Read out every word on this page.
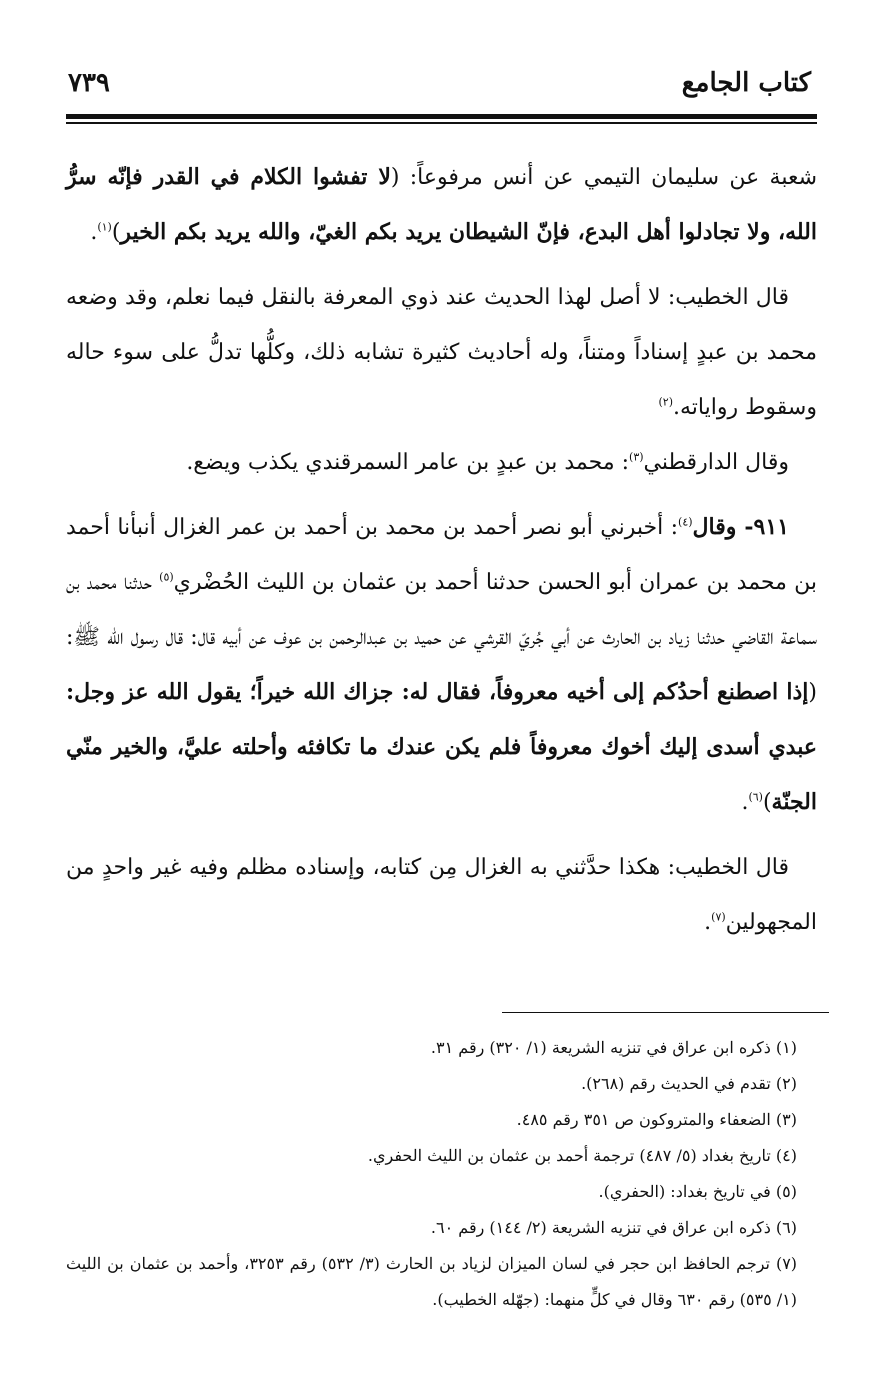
كتاب الجامع
٧٣٩

شعبة عن سليمان التيمي عن أنس مرفوعاً: (لا تفشوا الكلام في القدر فإنّه سرُّ الله، ولا تجادلوا أهل البدع، فإنّ الشيطان يريد بكم الغيّ، والله يريد بكم الخير)$^{(١)}$.

قال الخطيب: لا أصل لهذا الحديث عند ذوي المعرفة بالنقل فيما نعلم، وقد وضعه محمد بن عبدٍ إسناداً ومتناً، وله أحاديث كثيرة تشابه ذلك، وكلُّها تدلُّ على سوء حاله وسقوط رواياته.$^{(٢)}$

وقال الدارقطني$^{(٣)}$: محمد بن عبدٍ بن عامر السمرقندي يكذب ويضع.

٩١١- وقال$^{(٤)}$: أخبرني أبو نصر أحمد بن محمد بن أحمد بن عمر الغزال أنبأنا أحمد بن محمد بن عمران أبو الحسن حدثنا أحمد بن عثمان بن الليث الحُضْري$^{(٥)}$ حدثنا محمد بن سماعة القاضي حدثنا زياد بن الحارث عن أبي جُريّ القرشي عن حميد بن عبدالرحمن بن عوف عن أبيه قال: قال رسول الله ﷺ: (إذا اصطنع أحدُكم إلى أخيه معروفاً، فقال له: جزاك الله خيراً؛ يقول الله عز وجل: عبدي أسدى إليك أخوك معروفاً فلم يكن عندك ما تكافئه وأحلته عليَّ، والخير منّي الجنّة)$^{(٦)}$.

قال الخطيب: هكذا حدَّثني به الغزال مِن كتابه، وإسناده مظلم وفيه غير واحدٍ من المجهولين$^{(٧)}$.

(١) ذكره ابن عراق في تنزيه الشريعة (١/ ٣٢٠) رقم ٣١.

(٢) تقدم في الحديث رقم (٢٦٨).

(٣) الضعفاء والمتروكون ص ٣٥١ رقم ٤٨٥.

(٤) تاريخ بغداد (٥/ ٤٨٧) ترجمة أحمد بن عثمان بن الليث الحفري.

(٥) في تاريخ بغداد: (الحفري).

(٦) ذكره ابن عراق في تنزيه الشريعة (٢/ ١٤٤) رقم ٦٠.

(٧) ترجم الحافظ ابن حجر في لسان الميزان لزياد بن الحارث (٣/ ٥٣٢) رقم ٣٢٥٣، وأحمد بن عثمان بن الليث (١/ ٥٣٥) رقم ٦٣٠ وقال في كلٍّ منهما: (جهّله الخطيب).
